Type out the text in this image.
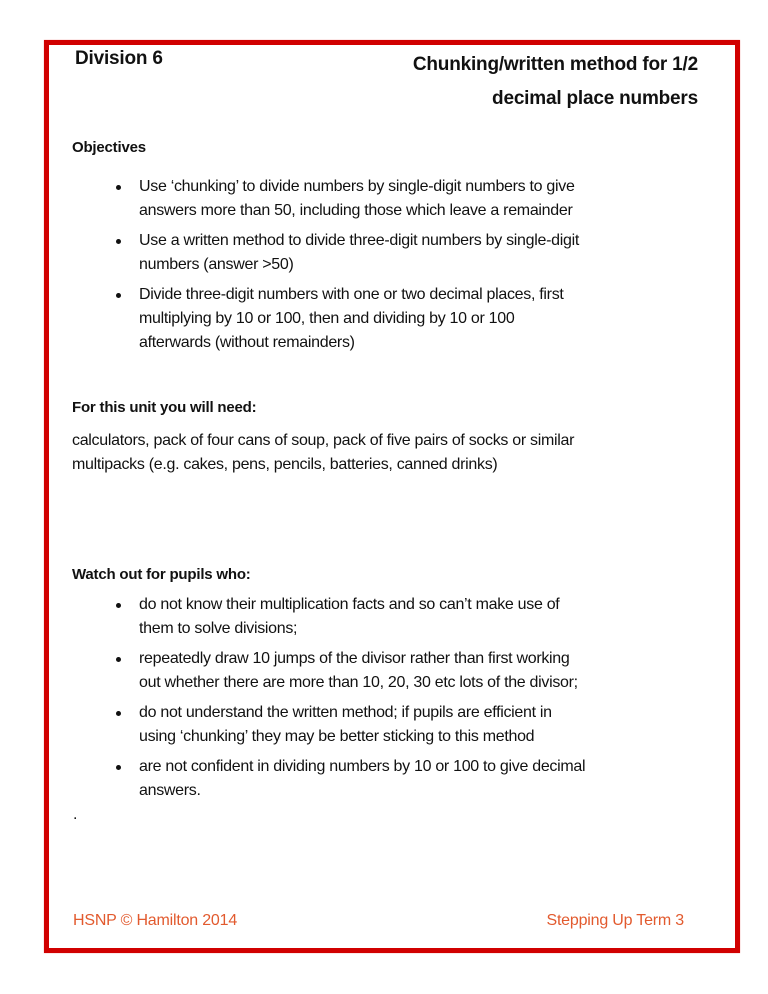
Division 6	Chunking/written method for 1/2
decimal place numbers
Objectives
Use ‘chunking’ to divide numbers by single-digit numbers to give
answers more than 50, including those which leave a remainder
Use a written method to divide three-digit numbers by single-digit
numbers (answer >50)
Divide three-digit numbers with one or two decimal places, first
multiplying by 10 or 100, then and dividing by 10 or 100
afterwards (without remainders)
For this unit you will need:
calculators, pack of four cans of soup, pack of five pairs of socks or similar
multipacks (e.g. cakes, pens, pencils, batteries, canned drinks)
Watch out for pupils who:
do not know their multiplication facts and so can’t make use of
them to solve divisions;
repeatedly draw 10 jumps of the divisor rather than first working
out whether there are more than 10, 20, 30 etc lots of the divisor;
do not understand the written method; if pupils are efficient in
using ‘chunking’ they may be better sticking to this method
are not confident in dividing numbers by 10 or 100 to give decimal
answers.
.
HSNP © Hamilton 2014	Stepping Up Term 3
